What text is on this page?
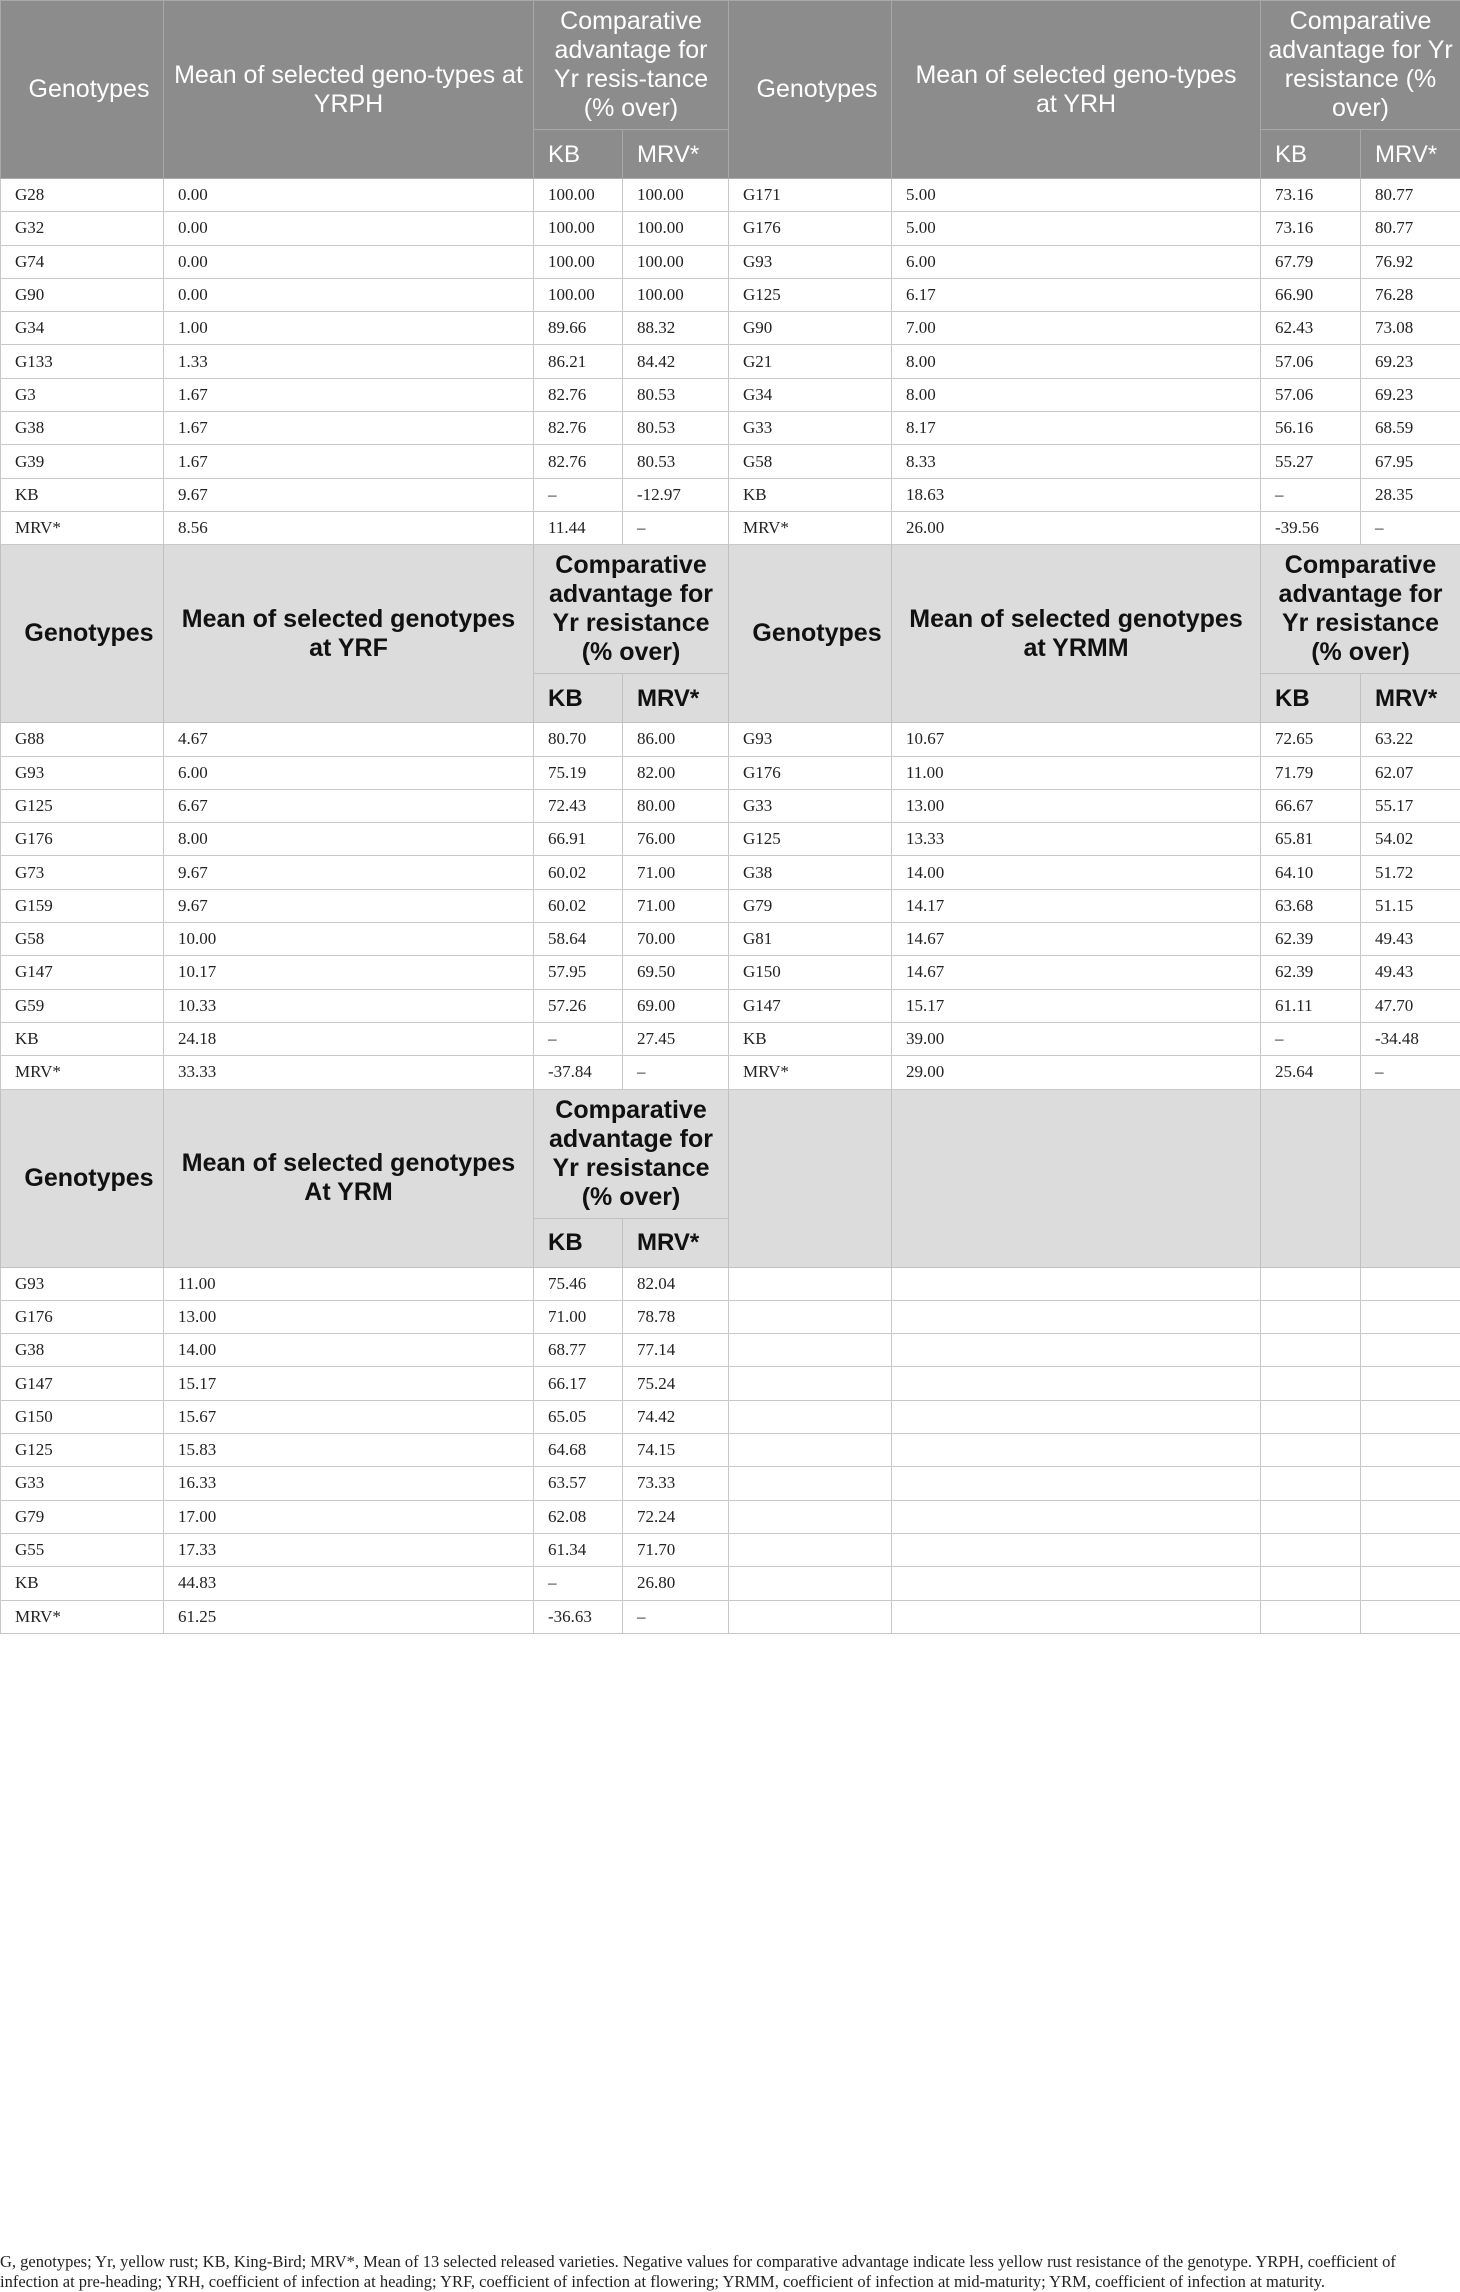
Genotypes	Mean of selected geno-types at YRPH	Comparative advantage for Yr resis-tance (% over)		Genotypes	Mean of selected geno-types at YRH	Comparative advantage for Yr resistance (% over)	
		KB	MRV*			KB	MRV*
G28	0.00	100.00	100.00	G171	5.00	73.16	80.77
G32	0.00	100.00	100.00	G176	5.00	73.16	80.77
G74	0.00	100.00	100.00	G93	6.00	67.79	76.92
G90	0.00	100.00	100.00	G125	6.17	66.90	76.28
G34	1.00	89.66	88.32	G90	7.00	62.43	73.08
G133	1.33	86.21	84.42	G21	8.00	57.06	69.23
G3	1.67	82.76	80.53	G34	8.00	57.06	69.23
G38	1.67	82.76	80.53	G33	8.17	56.16	68.59
G39	1.67	82.76	80.53	G58	8.33	55.27	67.95
KB	9.67	–	-12.97	KB	18.63	–	28.35
MRV*	8.56	11.44	–	MRV*	26.00	-39.56	–
Genotypes	Mean of selected genotypes at YRF	Comparative advantage for Yr resistance (% over)		Genotypes	Mean of selected genotypes at YRMM	Comparative advantage for Yr resistance (% over)	
		KB	MRV*			KB	MRV*
G88	4.67	80.70	86.00	G93	10.67	72.65	63.22
G93	6.00	75.19	82.00	G176	11.00	71.79	62.07
G125	6.67	72.43	80.00	G33	13.00	66.67	55.17
G176	8.00	66.91	76.00	G125	13.33	65.81	54.02
G73	9.67	60.02	71.00	G38	14.00	64.10	51.72
G159	9.67	60.02	71.00	G79	14.17	63.68	51.15
G58	10.00	58.64	70.00	G81	14.67	62.39	49.43
G147	10.17	57.95	69.50	G150	14.67	62.39	49.43
G59	10.33	57.26	69.00	G147	15.17	61.11	47.70
KB	24.18	–	27.45	KB	39.00	–	-34.48
MRV*	33.33	-37.84	–	MRV*	29.00	25.64	–
Genotypes	Mean of selected genotypes At YRM	Comparative advantage for Yr resistance (% over)					
		KB	MRV*				
G93	11.00	75.46	82.04				
G176	13.00	71.00	78.78				
G38	14.00	68.77	77.14				
G147	15.17	66.17	75.24				
G150	15.67	65.05	74.42				
G125	15.83	64.68	74.15				
G33	16.33	63.57	73.33				
G79	17.00	62.08	72.24				
G55	17.33	61.34	71.70				
KB	44.83	–	26.80				
MRV*	61.25	-36.63	–				
G, genotypes; Yr, yellow rust; KB, King-Bird; MRV*, Mean of 13 selected released varieties. Negative values for comparative advantage indicate less yellow rust resistance of the genotype. YRPH, coefficient of infection at pre-heading; YRH, coefficient of infection at heading; YRF, coefficient of infection at flowering; YRMM, coefficient of infection at mid-maturity; YRM, coefficient of infection at maturity.
